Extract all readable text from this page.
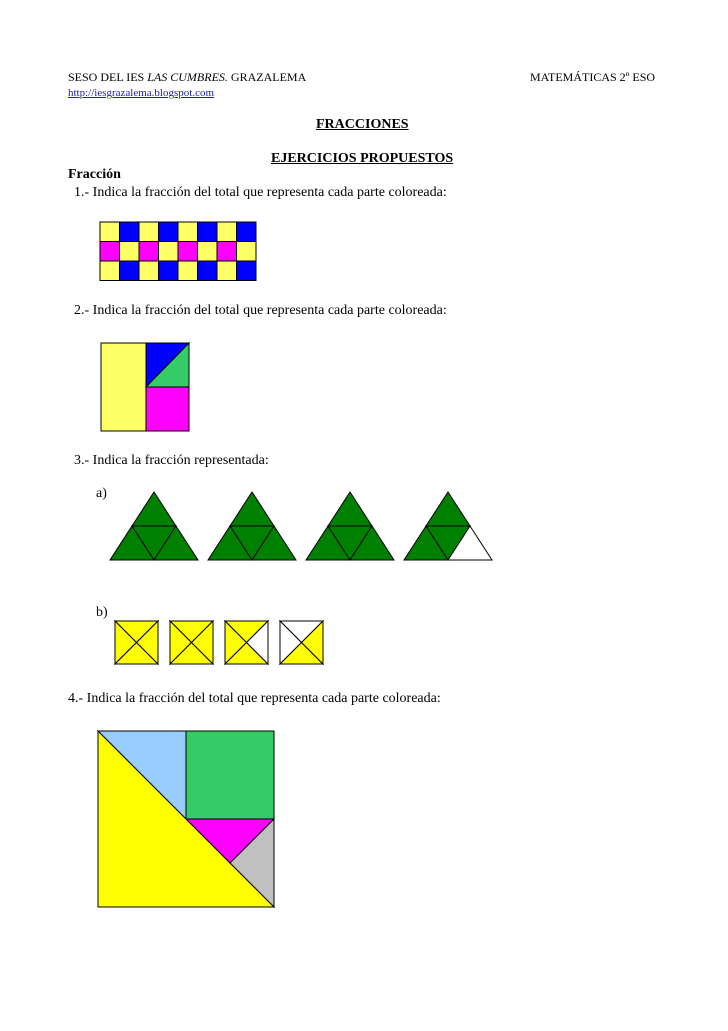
SESO DEL IES LAS CUMBRES. GRAZALEMA	MATEMÁTICAS 2º ESO
http://iesgrazalema.blogspot.com
FRACCIONES
EJERCICIOS PROPUESTOS
Fracción
1.- Indica la fracción del total que representa cada parte coloreada:
2.- Indica la fracción del total que representa cada parte coloreada:
3.- Indica la fracción representada:
a)
b)
4.- Indica la fracción del total que representa cada parte coloreada:
